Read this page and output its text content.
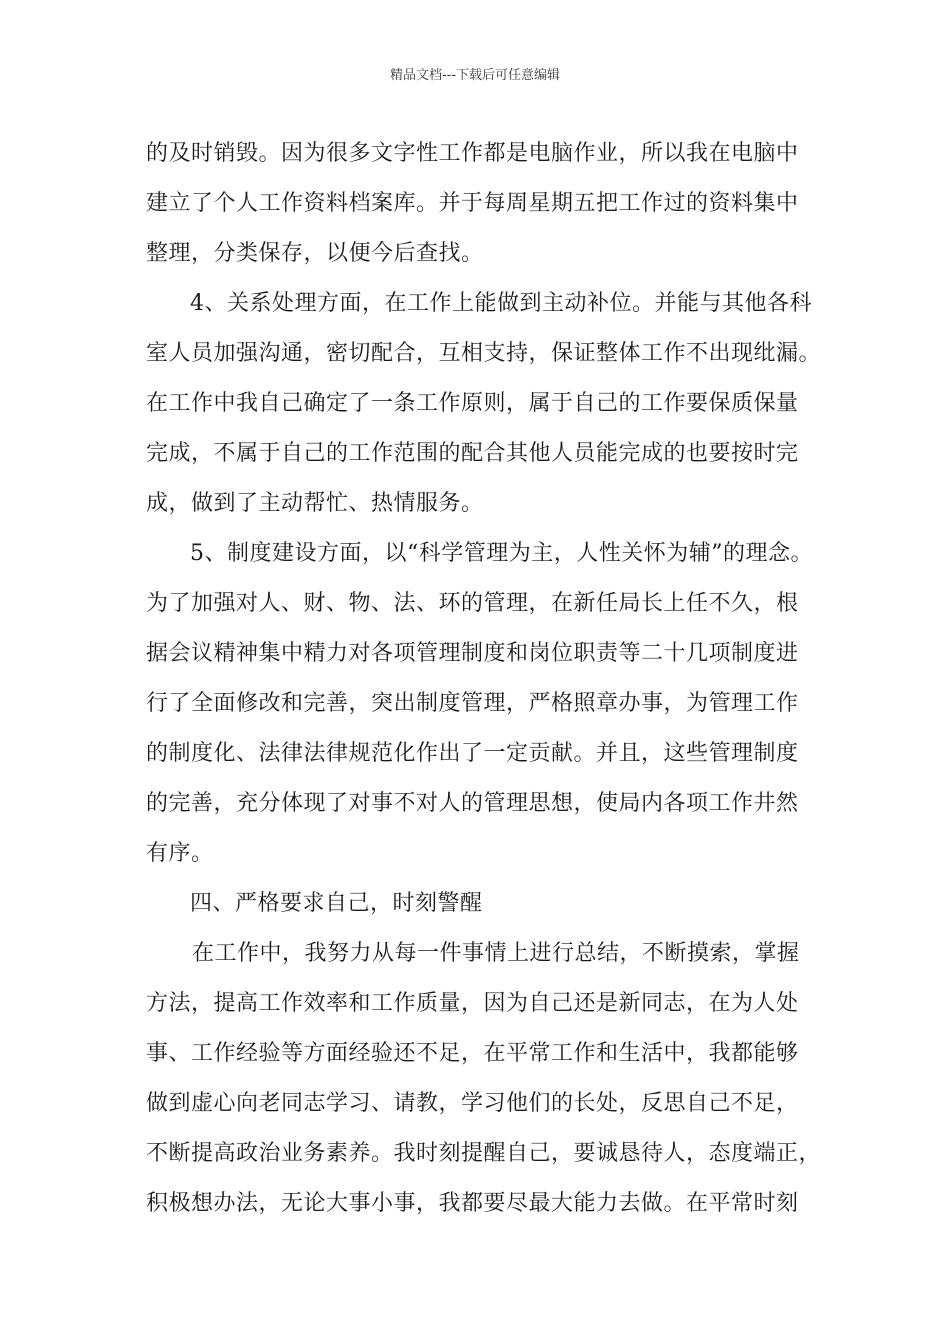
精品文档---下载后可任意编辑
的及时销毁。因为很多文字性工作都是电脑作业，所以我在电脑中
建立了个人工作资料档案库。并于每周星期五把工作过的资料集中
整理，分类保存，以便今后查找。
4、关系处理方面，在工作上能做到主动补位。并能与其他各科
室人员加强沟通，密切配合，互相支持，保证整体工作不出现纰漏。
在工作中我自己确定了一条工作原则，属于自己的工作要保质保量
完成，不属于自己的工作范围的配合其他人员能完成的也要按时完
成，做到了主动帮忙、热情服务。
5、制度建设方面，以“科学管理为主，人性关怀为辅”的理念。
为了加强对人、财、物、法、环的管理，在新任局长上任不久，根
据会议精神集中精力对各项管理制度和岗位职责等二十几项制度进
行了全面修改和完善，突出制度管理，严格照章办事，为管理工作
的制度化、法律法律规范化作出了一定贡献。并且，这些管理制度
的完善，充分体现了对事不对人的管理思想，使局内各项工作井然
有序。
四、严格要求自己，时刻警醒
在工作中，我努力从每一件事情上进行总结，不断摸索，掌握
方法，提高工作效率和工作质量，因为自己还是新同志，在为人处
事、工作经验等方面经验还不足，在平常工作和生活中，我都能够
做到虚心向老同志学习、请教，学习他们的长处，反思自己不足，
不断提高政治业务素养。我时刻提醒自己，要诚恳待人，态度端正，
积极想办法，无论大事小事，我都要尽最大能力去做。在平常时刻
